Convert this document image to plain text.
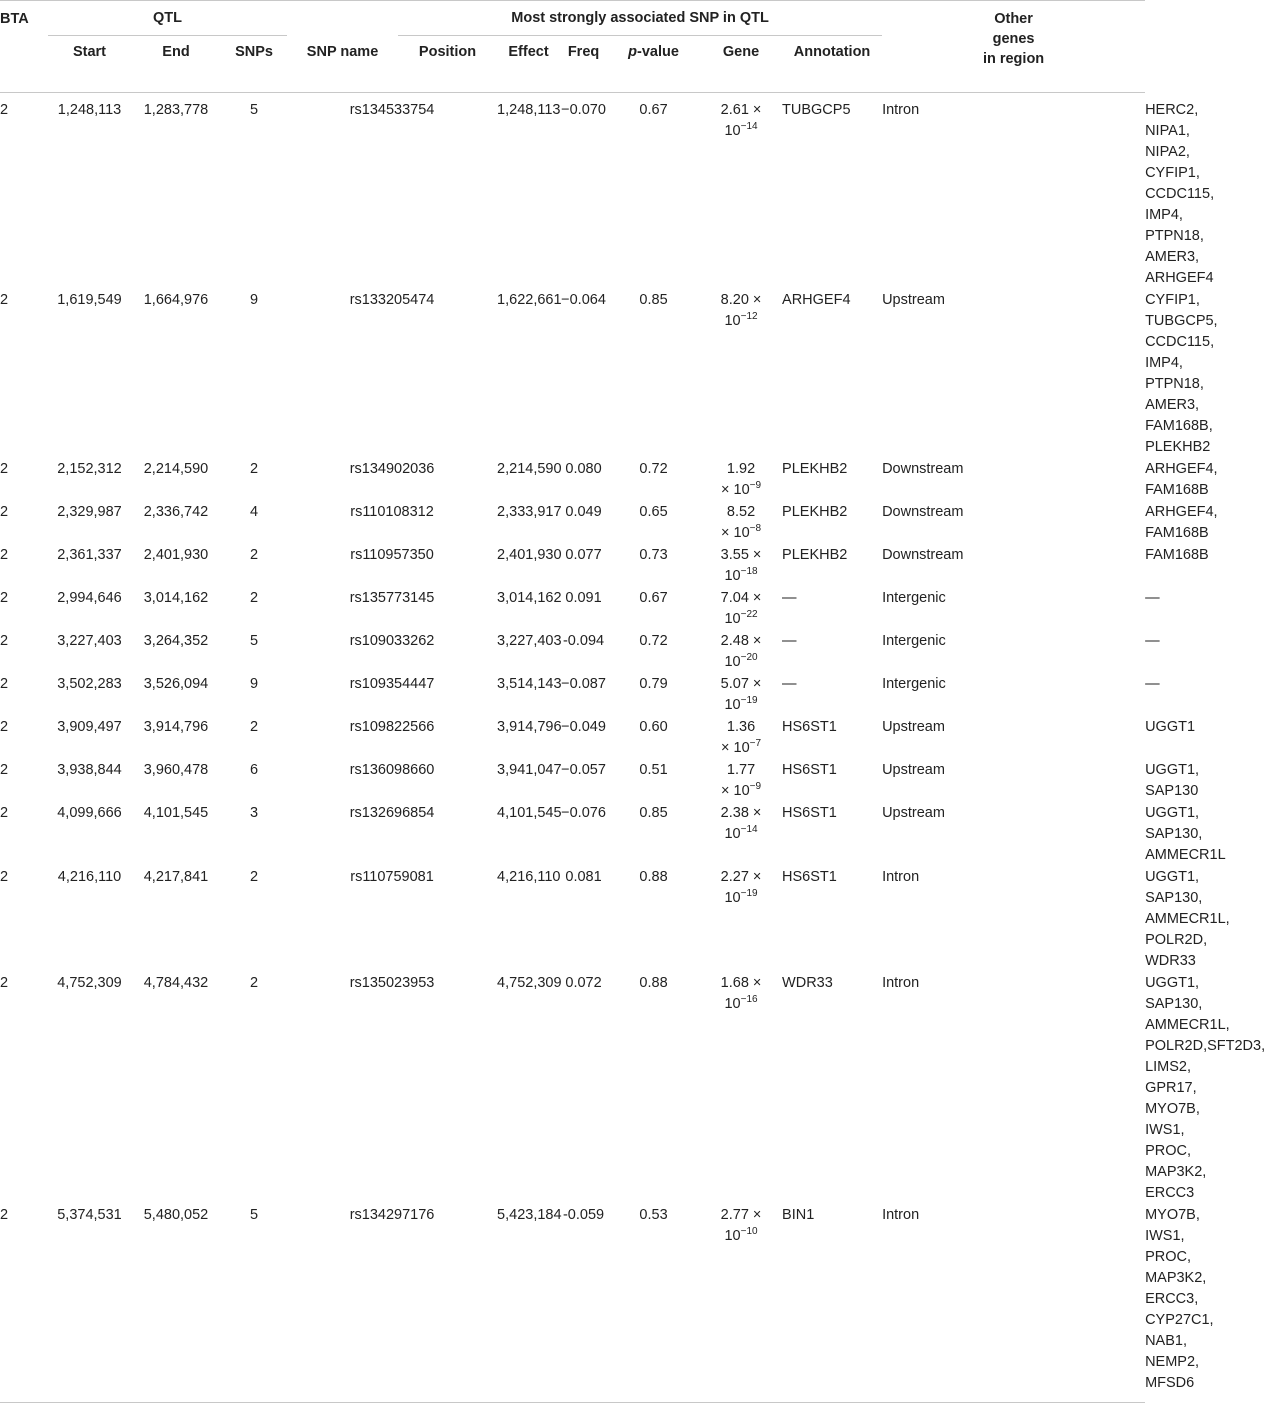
BTA	QTL				Most strongly associated SNP in QTL						Other
genes
in region	
	Start	End	SNPs	SNP name	Position	Effect	Freq	p-value	Gene	Annotation		
2	1,248,113	1,283,778	5	rs134533754		1,248,113	−0.070	0.67	2.61 ×
$10^{-14}$	TUBGCP5	Intron	HERC2, NIPA1, NIPA2, CYFIP1, CCDC115, IMP4, PTPN18, AMER3, ARHGEF4
2	1,619,549	1,664,976	9	rs133205474		1,622,661	−0.064	0.85	8.20 ×
$10^{-12}$	ARHGEF4	Upstream	CYFIP1, TUBGCP5, CCDC115, IMP4, PTPN18, AMER3, FAM168B, PLEKHB2
2	2,152,312	2,214,590	2	rs134902036		2,214,590	0.080	0.72	1.92
× $10^{-9}$	PLEKHB2	Downstream	ARHGEF4, FAM168B
2	2,329,987	2,336,742	4	rs110108312		2,333,917	0.049	0.65	8.52
× $10^{-8}$	PLEKHB2	Downstream	ARHGEF4, FAM168B
2	2,361,337	2,401,930	2	rs110957350		2,401,930	0.077	0.73	3.55 ×
$10^{-18}$	PLEKHB2	Downstream	FAM168B
2	2,994,646	3,014,162	2	rs135773145		3,014,162	0.091	0.67	7.04 ×
$10^{-22}$	—	Intergenic	—
2	3,227,403	3,264,352	5	rs109033262		3,227,403	-0.094	0.72	2.48 ×
$10^{-20}$	—	Intergenic	—
2	3,502,283	3,526,094	9	rs109354447		3,514,143	−0.087	0.79	5.07 ×
$10^{-19}$	—	Intergenic	—
2	3,909,497	3,914,796	2	rs109822566		3,914,796	−0.049	0.60	1.36
× $10^{-7}$	HS6ST1	Upstream	UGGT1
2	3,938,844	3,960,478	6	rs136098660		3,941,047	−0.057	0.51	1.77
× $10^{-9}$	HS6ST1	Upstream	UGGT1, SAP130
2	4,099,666	4,101,545	3	rs132696854		4,101,545	−0.076	0.85	2.38 ×
$10^{-14}$	HS6ST1	Upstream	UGGT1, SAP130, AMMECR1L
2	4,216,110	4,217,841	2	rs110759081		4,216,110	0.081	0.88	2.27 ×
$10^{-19}$	HS6ST1	Intron	UGGT1, SAP130, AMMECR1L, POLR2D, WDR33
2	4,752,309	4,784,432	2	rs135023953		4,752,309	0.072	0.88	1.68 ×
$10^{-16}$	WDR33	Intron	UGGT1, SAP130, AMMECR1L, POLR2D,SFT2D3, LIMS2, GPR17, MYO7B, IWS1, PROC, MAP3K2, ERCC3
2	5,374,531	5,480,052	5	rs134297176		5,423,184	-0.059	0.53	2.77 ×
$10^{-10}$	BIN1	Intron	MYO7B, IWS1, PROC, MAP3K2, ERCC3, CYP27C1, NAB1, NEMP2, MFSD6
